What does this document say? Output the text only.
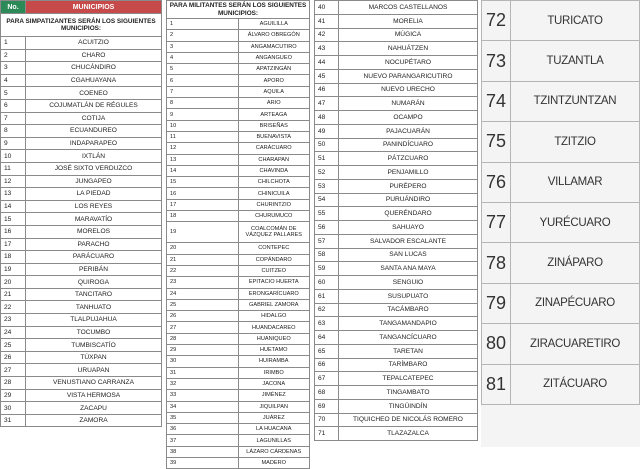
No.	MUNICIPIOS
PARA SIMPATIZANTES SERÁN LOS SIGUIENTES MUNICIPIOS:	
1	ACUITZIO
2	CHARO
3	CHUCÁNDIRO
4	CGAHUAYANA
5	COENEO
6	COJUMATLÁN DE RÉGULES
7	COTIJA
8	ECUANDUREO
9	INDAPARAPEO
10	IXTLÁN
11	JOSÉ SIXTO VERDUZCO
12	JUNGAPEO
13	LA PIEDAD
14	LOS REYES
15	MARAVATÍO
16	MORELOS
17	PARACHO
18	PARÁCUARO
19	PERIBÁN
20	QUIROGA
21	TANCITARO
22	TANHUATO
23	TLALPUJAHUA
24	TOCUMBO
25	TUMBISCATÍO
26	TÚXPAN
27	URUAPAN
28	VENUSTIANO CARRANZA
29	VISTA HERMOSA
30	ZACAPU
31	ZAMORA
PARA MILITANTES SERÁN LOS SIGUIENTES MUNICIPIOS:	
1	AGUILILLA
2	ÁLVARO OBREGÓN
3	ANGAMACUTIRO
4	ANGANGUEO
5	APATZINGÁN
6	APORO
7	AQUILA
8	ARIO
9	ARTEAGA
10	BRISEÑAS
11	BUENAVISTA
12	CARÁCUARO
13	CHARAPAN
14	CHAVINDA
15	CHILCHOTA
16	CHINICUILA
17	CHURINTZIO
18	CHURUMUCO
19	COALCOMÁN DE VÁZQUEZ PALLARES
20	CONTEPEC
21	COPÁNDARO
22	CUITZEO
23	EPITACIO HUERTA
24	ERONGARÍCUARO
25	GABRIEL ZAMORA
26	HIDALGO
27	HUANDACAREO
28	HUANIQUEO
29	HUETAMO
30	HUIRAMBA
31	IRIMBO
32	JACONA
33	JIMÉNEZ
34	JIQUILPAN
35	JUÁREZ
36	LA HUACANA
37	LAGUNILLAS
38	LÁZARO CÁRDENAS
39	MADERO
40	MARCOS CASTELLANOS
41	MORELIA
42	MÚGICA
43	NAHUÁTZEN
44	NOCUPÉTARO
45	NUEVO PARANGARICUTIRO
46	NUEVO URECHO
47	NUMARÁN
48	OCAMPO
49	PAJACUARÁN
50	PANINDÍCUARO
51	PÁTZCUARO
52	PENJAMILLO
53	PURÉPERO
54	PURUÁNDIRO
55	QUERÉNDARO
56	SAHUAYO
57	SALVADOR ESCALANTE
58	SAN LUCAS
59	SANTA ANA MAYA
60	SENGUIO
61	SUSUPUATO
62	TACÁMBARO
63	TANGAMANDAPIO
64	TANGANCÍCUARO
65	TARETAN
66	TARÍMBARO
67	TEPALCATEPEC
68	TINGAMBATO
69	TINGÜINDÍN
70	TIQUICHEO DE NICOLÁS ROMERO
71	TLAZAZALCA
72	TURICATO
73	TUZANTLA
74	TZINTZUNTZAN
75	TZITZIO
76	VILLAMAR
77	YURÉCUARO
78	ZINÁPARO
79	ZINAPÉCUARO
80	ZIRACUARETIRO
81	ZITÁCUARO
